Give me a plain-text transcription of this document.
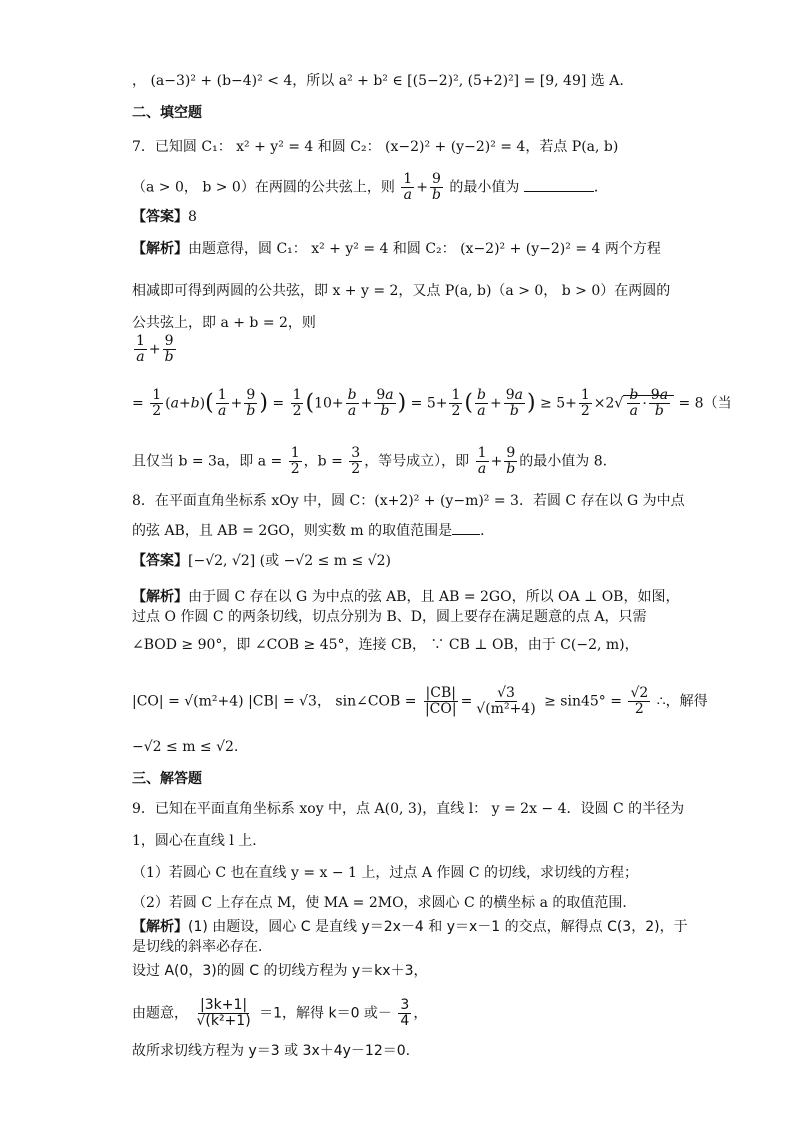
， (a−3)² + (b−4)² < 4，所以 a² + b² ∈ [(5−2)², (5+2)²] = [9, 49] 选 A.
二、填空题
7．已知圆 C₁： x² + y² = 4 和圆 C₂： (x−2)² + (y−2)² = 4，若点 P(a, b)
（a > 0， b > 0）在两圆的公共弦上，则 $\frac{1}{a} + \frac{9}{b}$ 的最小值为	．
【答案】8
【解析】由题意得，圆 C₁： x² + y² = 4 和圆 C₂： (x−2)² + (y−2)² = 4 两个方程
相减即可得到两圆的公共弦，即 x + y = 2，又点 P(a, b)（a > 0， b > 0）在两圆的
公共弦上，即 a + b = 2，则
$\frac{1}{a} + \frac{9}{b}$
= $\frac{1}{2} (a+b)( \frac{1}{a} + \frac{9}{b}$ ) = $\frac{1}{2} (10+ \frac{b}{a} + \frac{9a}{b}$ ) = $5+ \frac{1}{2}$ ( $\frac{b}{a} + \frac{9a}{b}$ ) ≥ $5+ \frac{1}{2} \times 2√ \frac{b}{a} \cdot \frac{9a}{b} = 8$（当
且仅当 b = 3a，即 $a = \frac{1}{2}$ ，$b = \frac{3}{2}$ ，等号成立），即 $\frac{1}{a} + \frac{9}{b}$ 的最小值为 8.
8．在平面直角坐标系 xOy 中，圆 C：(x+2)² + (y−m)² = 3．若圆 C 存在以 G 为中点
的弦 AB，且 AB = 2GO，则实数 m 的取值范围是 ．
【答案】[−√2, √2] (或 −√2 ≤ m ≤ √2)
【解析】由于圆 C 存在以 G 为中点的弦 AB，且 AB = 2GO，所以 OA ⊥ OB，如图，
过点 O 作圆 C 的两条切线，切点分别为 B、D，圆上要存在满足题意的点 A，只需
∠BOD ≥ 90°，即 ∠COB ≥ 45°，连接 CB， ∵ CB ⊥ OB，由于 C(−2, m)，
|CO| = √(m²+4) |CB| = √3， sin∠COB = $\frac{|CB|}{|CO|} = \frac{√3}{\text{√(m²+4)}} \ge \sin 45^\circ = \frac{√2}{2}$ ∴，解得
−√2 ≤ m ≤ √2.
三、解答题
9．已知在平面直角坐标系 xoy 中，点 A(0, 3)，直线 l： y = 2x − 4．设圆 C 的半径为
1，圆心在直线 l 上．
（1）若圆心 C 也在直线 y = x − 1 上，过点 A 作圆 C 的切线，求切线的方程；
（2）若圆 C 上存在点 M，使 MA = 2MO，求圆心 C 的横坐标 a 的取值范围．
【解析】(1) 由题设，圆心 C 是直线 y＝2x－4 和 y＝x－1 的交点，解得点 C(3，2)，于
是切线的斜率必存在．
设过 A(0，3)的圆 C 的切线方程为 y＝kx＋3，
由题意， $\frac{|3k+1|}{\text{√(k²+1)}} =1$，解得 k＝0 或－ $\frac{3}{4}$ ，
故所求切线方程为 y＝3 或 3x＋4y－12＝0.
